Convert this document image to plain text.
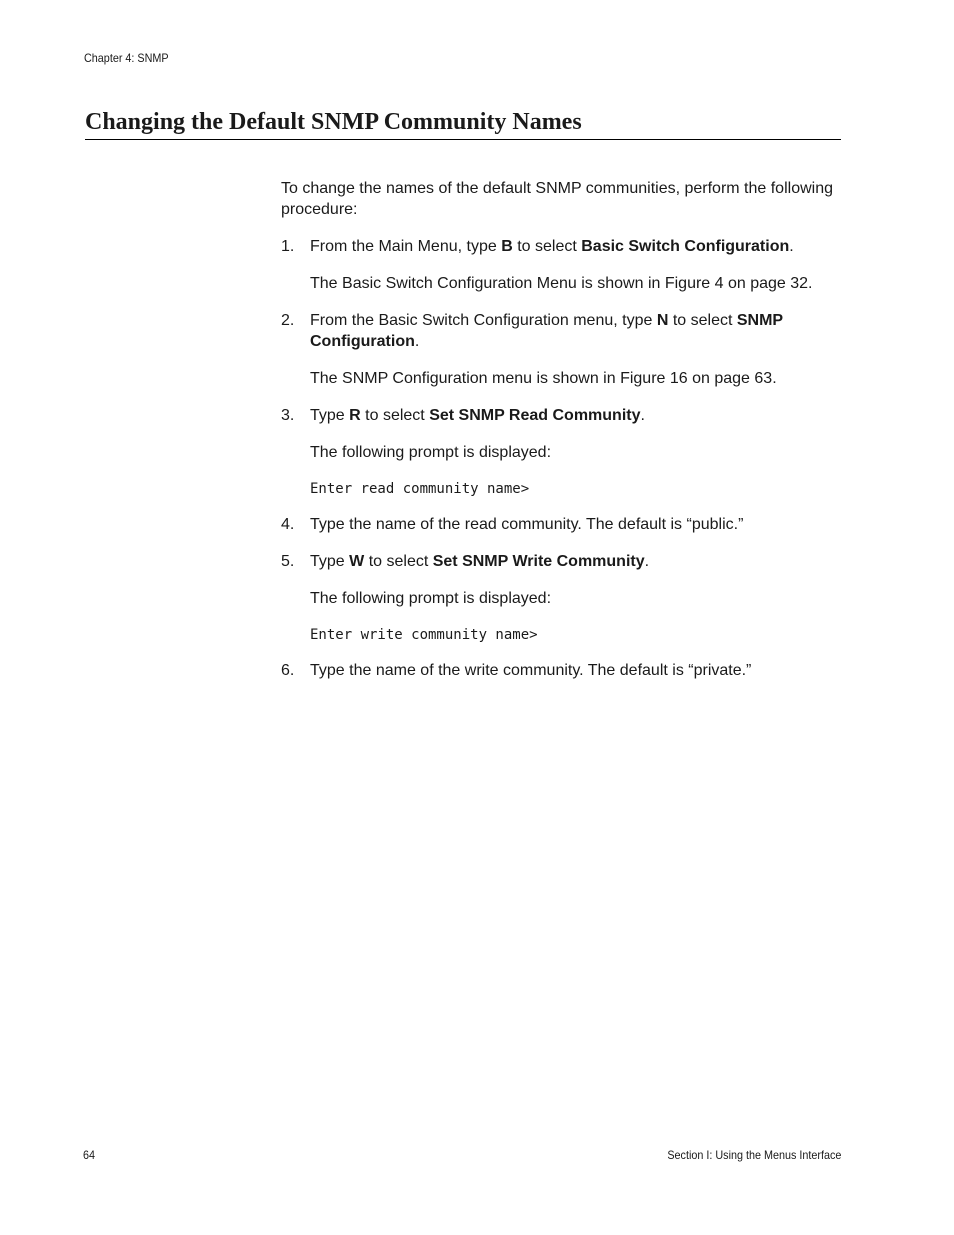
Chapter 4: SNMP
Changing the Default SNMP Community Names

To change the names of the default SNMP communities, perform the following procedure:

1. From the Main Menu, type B to select Basic Switch Configuration.

The Basic Switch Configuration Menu is shown in Figure 4 on page 32.

2. From the Basic Switch Configuration menu, type N to select SNMP Configuration.

The SNMP Configuration menu is shown in Figure 16 on page 63.

3. Type R to select Set SNMP Read Community.

The following prompt is displayed:

Enter read community name>

4. Type the name of the read community. The default is “public.”

5. Type W to select Set SNMP Write Community.

The following prompt is displayed:

Enter write community name>

6. Type the name of the write community. The default is “private.”

64	Section I: Using the Menus Interface
